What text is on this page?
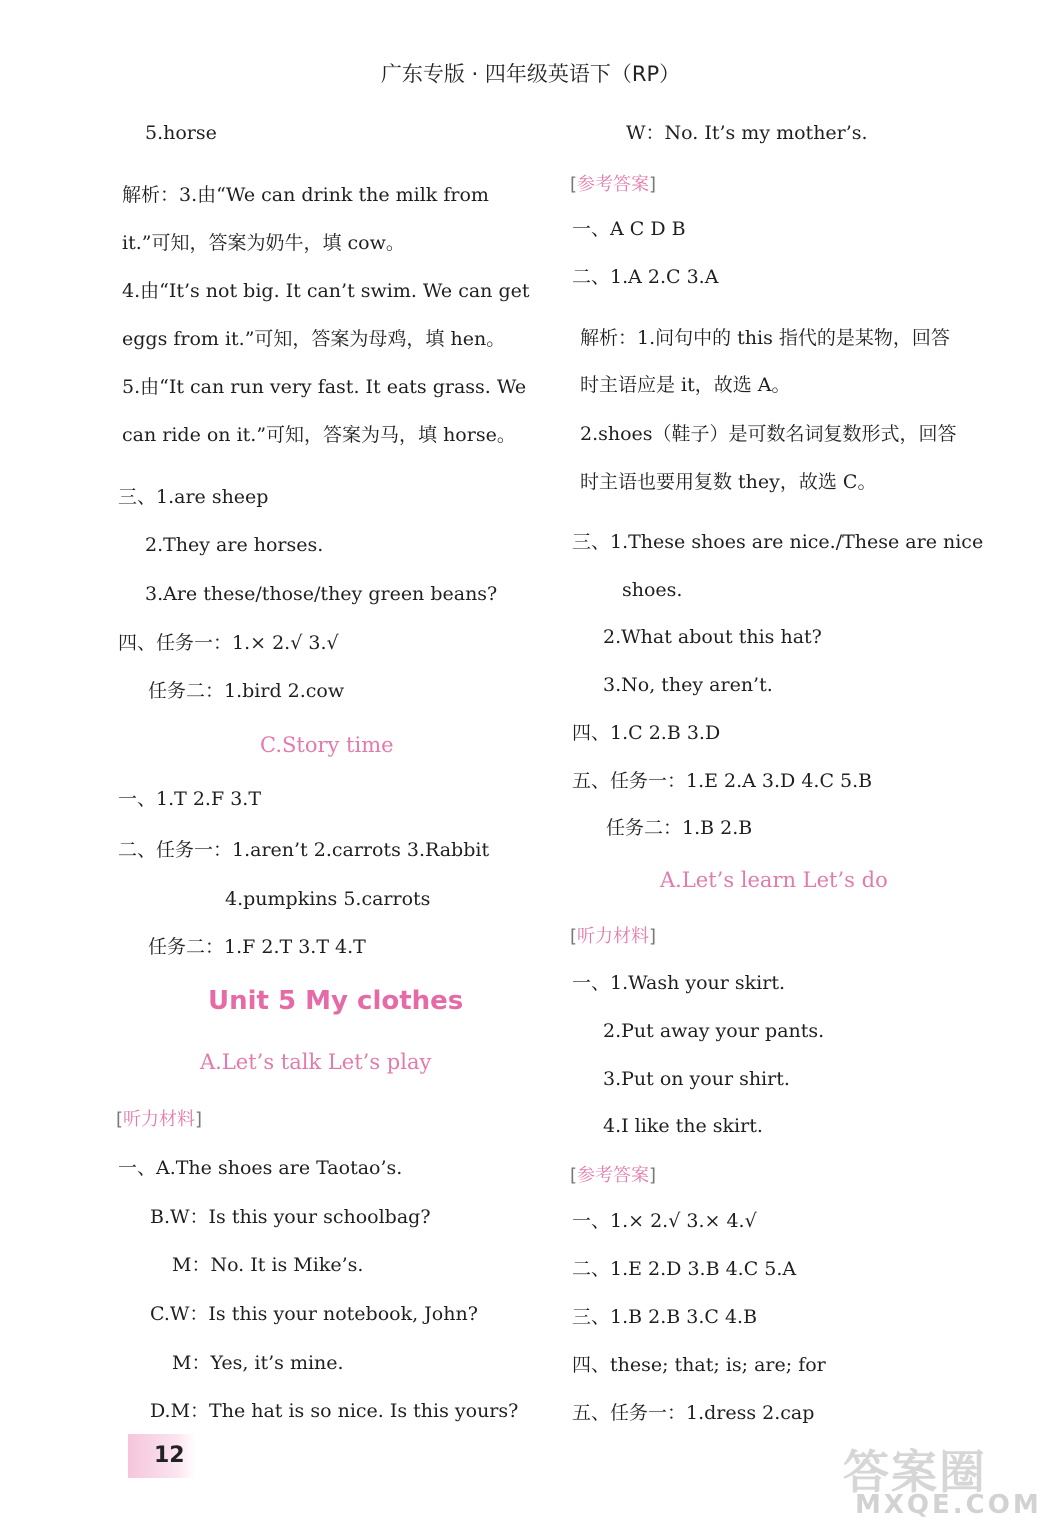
广东专版 · 四年级英语下（RP）
5.horse
解析：3.由“We can drink the milk from
it.”可知，答案为奶牛，填 cow。
4.由“It’s not big. It can’t swim. We can get
eggs from it.”可知，答案为母鸡，填 hen。
5.由“It can run very fast. It eats grass. We
can ride on it.”可知，答案为马，填 horse。
三、1.are sheep
2.They are horses.
3.Are these/those/they green beans?
四、任务一：1.× 2.√ 3.√
任务二：1.bird 2.cow
C.Story time
一、1.T 2.F 3.T
二、任务一：1.aren’t 2.carrots 3.Rabbit
4.pumpkins 5.carrots
任务二：1.F 2.T 3.T 4.T
Unit 5 My clothes
A.Let’s talk Let’s play
[听力材料]
一、A.The shoes are Taotao’s.
B.W：Is this your schoolbag?
M：No. It is Mike’s.
C.W：Is this your notebook, John?
M：Yes, it’s mine.
D.M：The hat is so nice. Is this yours?
12
W：No. It’s my mother’s.
[参考答案]
一、A C D B
二、1.A 2.C 3.A
解析：1.问句中的 this 指代的是某物，回答
时主语应是 it，故选 A。
2.shoes（鞋子）是可数名词复数形式，回答
时主语也要用复数 they，故选 C。
三、1.These shoes are nice./These are nice
shoes.
2.What about this hat?
3.No, they aren’t.
四、1.C 2.B 3.D
五、任务一：1.E 2.A 3.D 4.C 5.B
任务二：1.B 2.B
A.Let’s learn Let’s do
[听力材料]
一、1.Wash your skirt.
2.Put away your pants.
3.Put on your shirt.
4.I like the skirt.
[参考答案]
一、1.× 2.√ 3.× 4.√
二、1.E 2.D 3.B 4.C 5.A
三、1.B 2.B 3.C 4.B
四、these; that; is; are; for
五、任务一：1.dress 2.cap
答案圈
MXQE.COM
